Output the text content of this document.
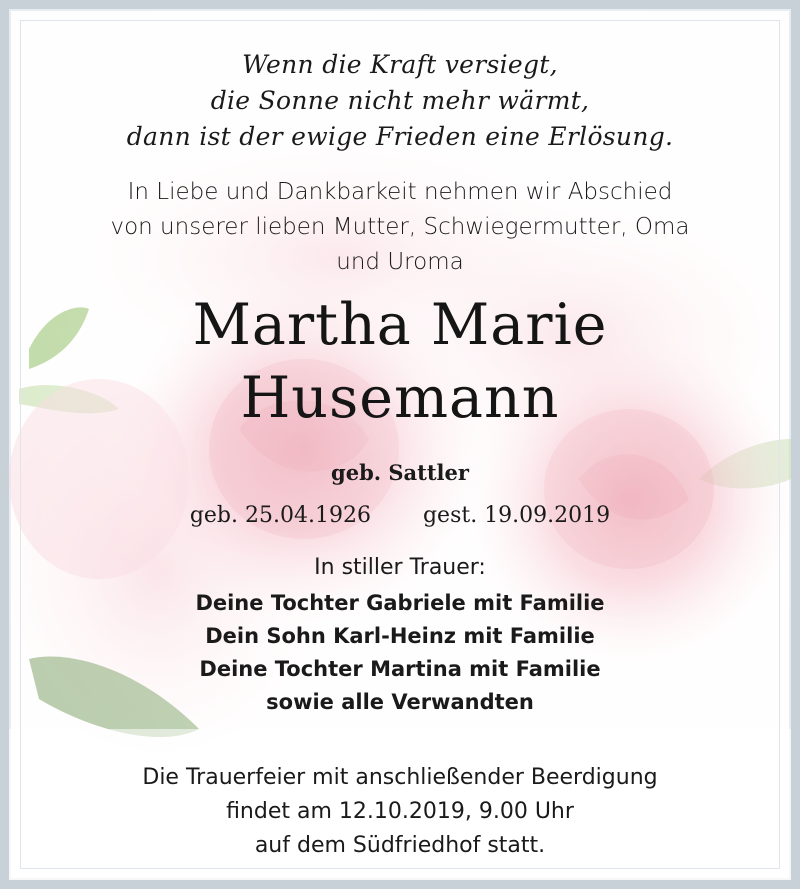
Wenn die Kraft versiegt,
die Sonne nicht mehr wärmt,
dann ist der ewige Frieden eine Erlösung.
In Liebe und Dankbarkeit nehmen wir Abschied
von unserer lieben Mutter, Schwiegermutter, Oma
und Uroma
Martha Marie
Husemann
geb. Sattler
geb. 25.04.1926 gest. 19.09.2019
In stiller Trauer:
Deine Tochter Gabriele mit Familie
Dein Sohn Karl-Heinz mit Familie
Deine Tochter Martina mit Familie
sowie alle Verwandten
Die Trauerfeier mit anschließender Beerdigung
findet am 12.10.2019, 9.00 Uhr
auf dem Südfriedhof statt.
